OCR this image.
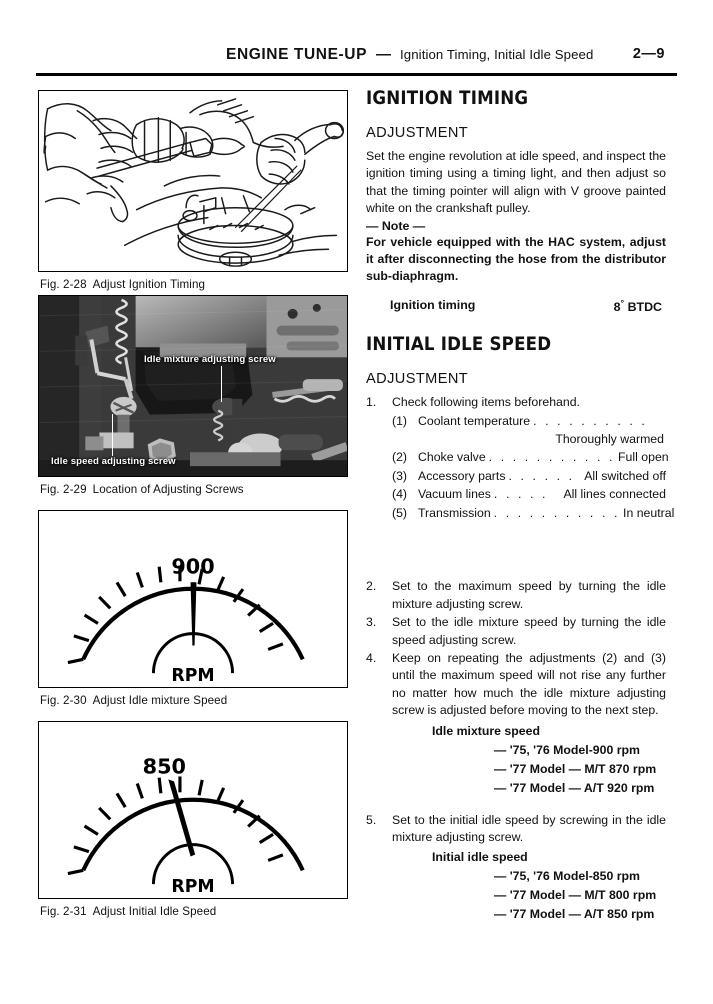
ENGINE TUNE-UP — Ignition Timing, Initial Idle Speed	2—9
Fig. 2-28 Adjust Ignition Timing
Idle mixture adjusting screw
Idle speed adjusting screw
Fig. 2-29 Location of Adjusting Screws
900
RPM
Fig. 2-30 Adjust Idle mixture Speed
850
RPM
Fig. 2-31 Adjust Initial Idle Speed
IGNITION TIMING
ADJUSTMENT

Set the engine revolution at idle speed, and inspect the ignition timing using a timing light, and then adjust so that the timing pointer will align with V groove painted white on the crankshaft pulley.

— Note —

For vehicle equipped with the HAC system, adjust it after disconnecting the hose from the distributor sub-diaphragm.

Ignition timing	8° BTDC
INITIAL IDLE SPEED
ADJUSTMENT
1.	Check following items beforehand.
(1) Coolant temperature . . . . . . . . . .
Thoroughly warmed
(2) Choke valve . . . . . . . . . . . Full open
(3) Accessory parts . . . . . . All switched off
(4) Vacuum lines . . . . .	All lines connected
(5) Transmission . . . . . . . . . . . In neutral
2.	Set to the maximum speed by turning the idle mixture adjusting screw.
3.	Set to the idle mixture speed by turning the idle speed adjusting screw.
4.	Keep on repeating the adjustments (2) and (3) until the maximum speed will not rise any further no matter how much the idle mixture adjusting screw is adjusted before moving to the next step.
Idle mixture speed
— '75, '76 Model-900 rpm
— '77 Model — M/T 870 rpm
— '77 Model — A/T 920 rpm
5.	Set to the initial idle speed by screwing in the idle mixture adjusting screw.
Initial idle speed
— '75, '76 Model-850 rpm
— '77 Model — M/T 800 rpm
— '77 Model — A/T 850 rpm
